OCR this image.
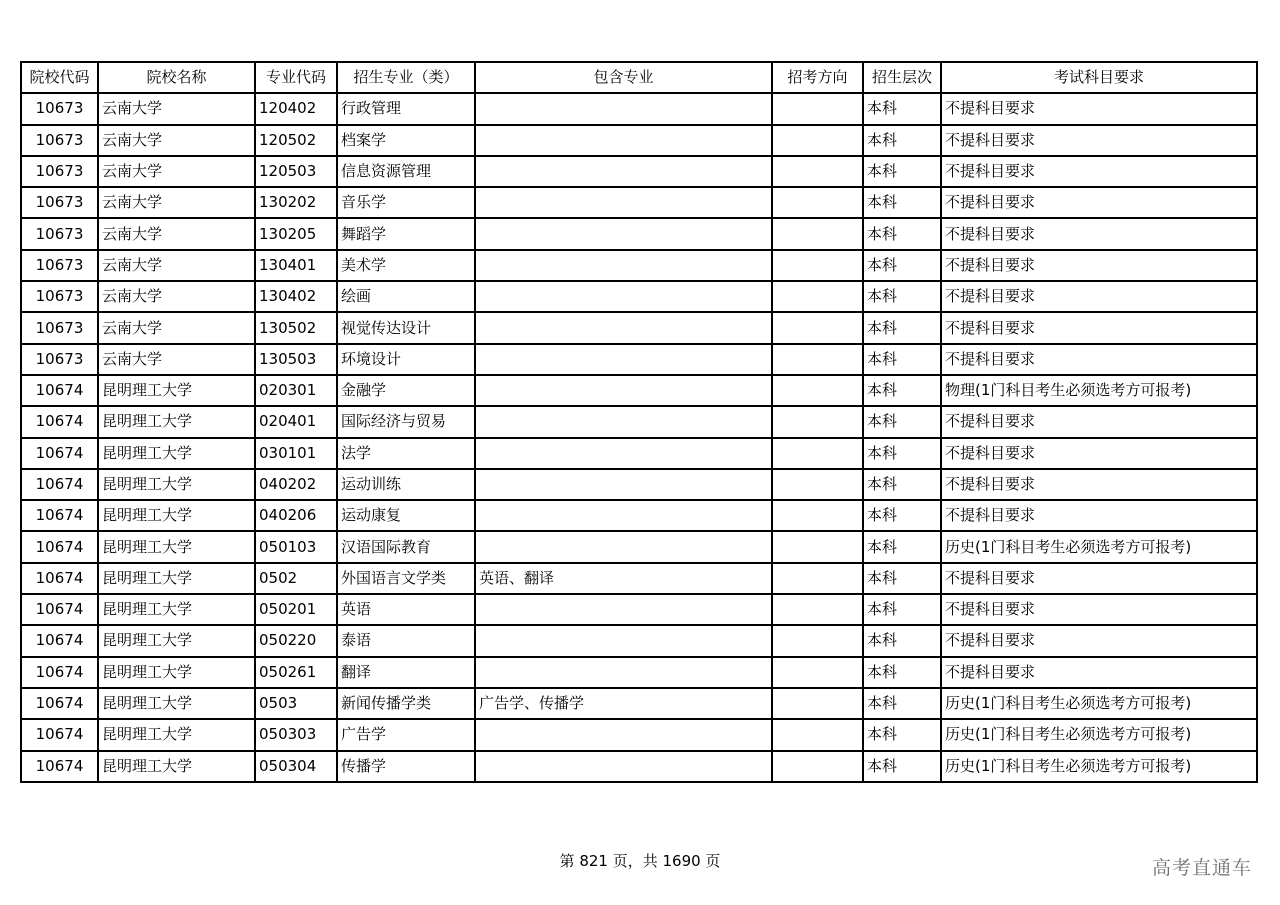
院校代码	院校名称	专业代码	招生专业（类）	包含专业	招考方向	招生层次	考试科目要求
10673	云南大学	120402	行政管理			本科	不提科目要求
10673	云南大学	120502	档案学			本科	不提科目要求
10673	云南大学	120503	信息资源管理			本科	不提科目要求
10673	云南大学	130202	音乐学			本科	不提科目要求
10673	云南大学	130205	舞蹈学			本科	不提科目要求
10673	云南大学	130401	美术学			本科	不提科目要求
10673	云南大学	130402	绘画			本科	不提科目要求
10673	云南大学	130502	视觉传达设计			本科	不提科目要求
10673	云南大学	130503	环境设计			本科	不提科目要求
10674	昆明理工大学	020301	金融学			本科	物理(1门科目考生必须选考方可报考)
10674	昆明理工大学	020401	国际经济与贸易			本科	不提科目要求
10674	昆明理工大学	030101	法学			本科	不提科目要求
10674	昆明理工大学	040202	运动训练			本科	不提科目要求
10674	昆明理工大学	040206	运动康复			本科	不提科目要求
10674	昆明理工大学	050103	汉语国际教育			本科	历史(1门科目考生必须选考方可报考)
10674	昆明理工大学	0502	外国语言文学类	英语、翻译		本科	不提科目要求
10674	昆明理工大学	050201	英语			本科	不提科目要求
10674	昆明理工大学	050220	泰语			本科	不提科目要求
10674	昆明理工大学	050261	翻译			本科	不提科目要求
10674	昆明理工大学	0503	新闻传播学类	广告学、传播学		本科	历史(1门科目考生必须选考方可报考)
10674	昆明理工大学	050303	广告学			本科	历史(1门科目考生必须选考方可报考)
10674	昆明理工大学	050304	传播学			本科	历史(1门科目考生必须选考方可报考)
第 821 页，共 1690 页	高考直通车
